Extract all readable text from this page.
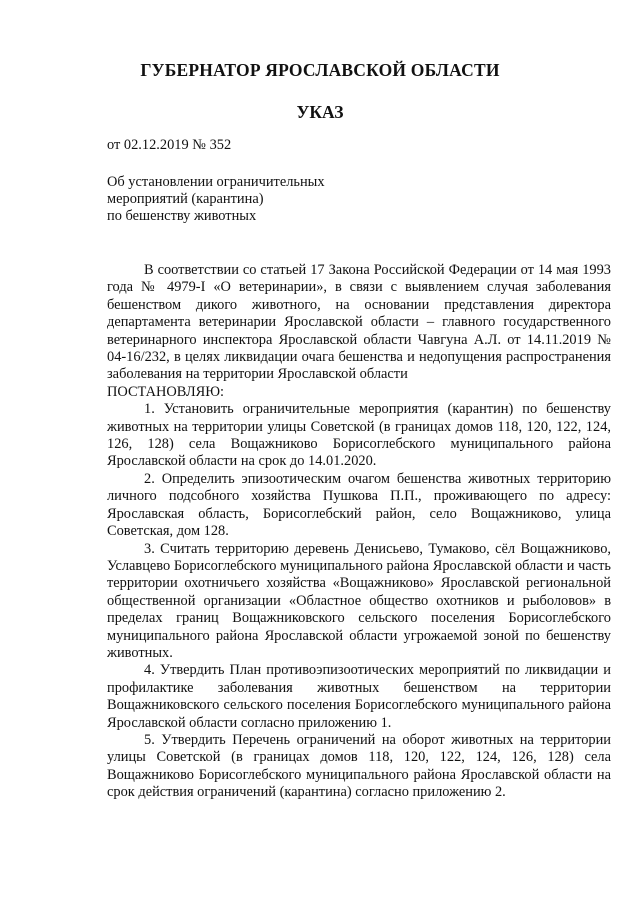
ГУБЕРНАТОР ЯРОСЛАВСКОЙ ОБЛАСТИ
УКАЗ
от 02.12.2019 № 352
Об установлении ограничительных
мероприятий (карантина)
по бешенству животных

В соответствии со статьей 17 Закона Российской Федерации от 14 мая 1993 года № 4979-I «О ветеринарии», в связи с выявлением случая заболевания бешенством дикого животного, на основании представления директора департамента ветеринарии Ярославской области – главного государственного ветеринарного инспектора Ярославской области Чавгуна А.Л. от 14.11.2019 № 04-16/232, в целях ликвидации очага бешенства и недопущения распространения заболевания на территории Ярославской области

ПОСТАНОВЛЯЮ:

1. Установить ограничительные мероприятия (карантин) по бешенству животных на территории улицы Советской (в границах домов 118, 120, 122, 124, 126, 128) села Вощажниково Борисоглебского муниципального района Ярославской области на срок до 14.01.2020.

2. Определить эпизоотическим очагом бешенства животных территорию личного подсобного хозяйства Пушкова П.П., проживающего по адресу: Ярославская область, Борисоглебский район, село Вощажниково, улица Советская, дом 128.

3. Считать территорию деревень Денисьево, Тумаково, сёл Вощажниково, Уславцево Борисоглебского муниципального района Ярославской области и часть территории охотничьего хозяйства «Вощажниково» Ярославской региональной общественной организации «Областное общество охотников и рыболовов» в пределах границ Вощажниковского сельского поселения Борисоглебского муниципального района Ярославской области угрожаемой зоной по бешенству животных.

4. Утвердить План противоэпизоотических мероприятий по ликвидации и профилактике заболевания животных бешенством на территории Вощажниковского сельского поселения Борисоглебского муниципального района Ярославской области согласно приложению 1.

5. Утвердить Перечень ограничений на оборот животных на территории улицы Советской (в границах домов 118, 120, 122, 124, 126, 128) села Вощажниково Борисоглебского муниципального района Ярославской области на срок действия ограничений (карантина) согласно приложению 2.
